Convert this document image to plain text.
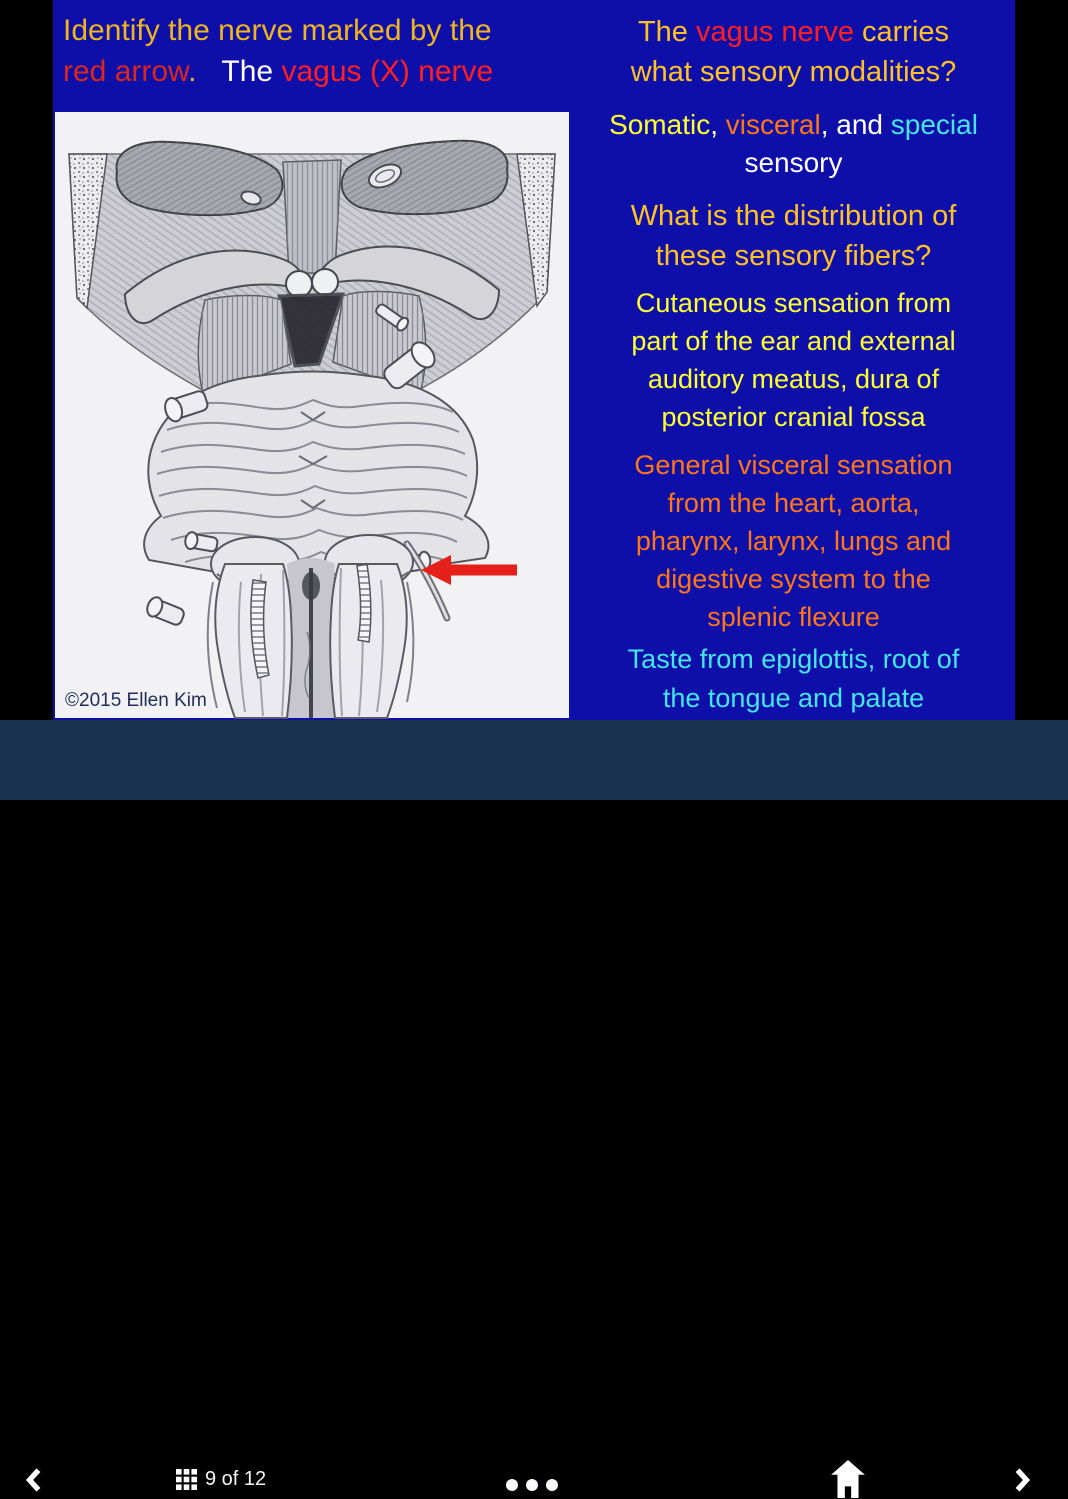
Identify the nerve marked by the
red arrow. The vagus (X) nerve
©2015 Ellen Kim
The vagus nerve carries
what sensory modalities?
Somatic, visceral, and special
sensory
What is the distribution of
these sensory fibers?
Cutaneous sensation from
part of the ear and external
auditory meatus, dura of
posterior cranial fossa
General visceral sensation
from the heart, aorta,
pharynx, larynx, lungs and
digestive system to the
splenic flexure
Taste from epiglottis, root of
the tongue and palate
9 of 12
